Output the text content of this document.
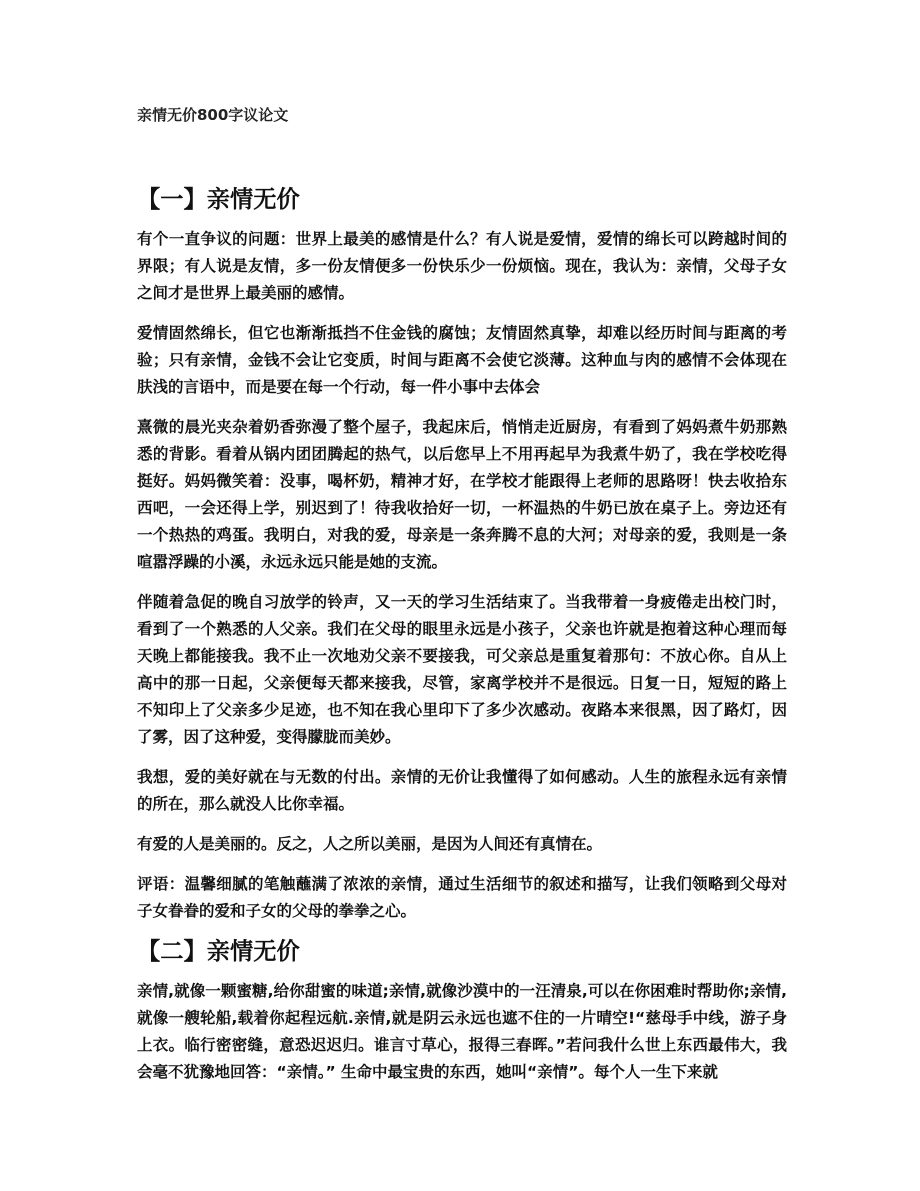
亲情无价800字议论文
【一】亲情无价

有个一直争议的问题：世界上最美的感情是什么？有人说是爱情，爱情的绵长可以跨越时间的界限；有人说是友情，多一份友情便多一份快乐少一份烦恼。现在，我认为：亲情，父母子女之间才是世界上最美丽的感情。

爱情固然绵长，但它也渐渐抵挡不住金钱的腐蚀；友情固然真挚，却难以经历时间与距离的考验；只有亲情，金钱不会让它变质，时间与距离不会使它淡薄。这种血与肉的感情不会体现在肤浅的言语中，而是要在每一个行动，每一件小事中去体会

熹微的晨光夹杂着奶香弥漫了整个屋子，我起床后，悄悄走近厨房，有看到了妈妈煮牛奶那熟悉的背影。看着从锅内团团腾起的热气，以后您早上不用再起早为我煮牛奶了，我在学校吃得挺好。妈妈微笑着：没事，喝杯奶，精神才好，在学校才能跟得上老师的思路呀！快去收拾东西吧，一会还得上学，别迟到了！待我收拾好一切，一杯温热的牛奶已放在桌子上。旁边还有一个热热的鸡蛋。我明白，对我的爱，母亲是一条奔腾不息的大河；对母亲的爱，我则是一条喧嚣浮躁的小溪，永远永远只能是她的支流。

伴随着急促的晚自习放学的铃声，又一天的学习生活结束了。当我带着一身疲倦走出校门时，看到了一个熟悉的人父亲。我们在父母的眼里永远是小孩子，父亲也许就是抱着这种心理而每天晚上都能接我。我不止一次地劝父亲不要接我，可父亲总是重复着那句：不放心你。自从上高中的那一日起，父亲便每天都来接我，尽管，家离学校并不是很远。日复一日，短短的路上不知印上了父亲多少足迹，也不知在我心里印下了多少次感动。夜路本来很黑，因了路灯，因了雾，因了这种爱，变得朦胧而美妙。

我想，爱的美好就在与无数的付出。亲情的无价让我懂得了如何感动。人生的旅程永远有亲情的所在，那么就没人比你幸福。

有爱的人是美丽的。反之，人之所以美丽，是因为人间还有真情在。

评语：温馨细腻的笔触蘸满了浓浓的亲情，通过生活细节的叙述和描写，让我们领略到父母对子女眷眷的爱和子女的父母的拳拳之心。

【二】亲情无价

亲情,就像一颗蜜糖,给你甜蜜的味道;亲情,就像沙漠中的一汪清泉,可以在你困难时帮助你;亲情,就像一艘轮船,载着你起程远航.亲情,就是阴云永远也遮不住的一片晴空!“慈母手中线，游子身上衣。临行密密缝，意恐迟迟归。谁言寸草心，报得三春晖。”若问我什么世上东西最伟大，我会毫不犹豫地回答：“亲情。” 生命中最宝贵的东西，她叫“亲情”。每个人一生下来就
